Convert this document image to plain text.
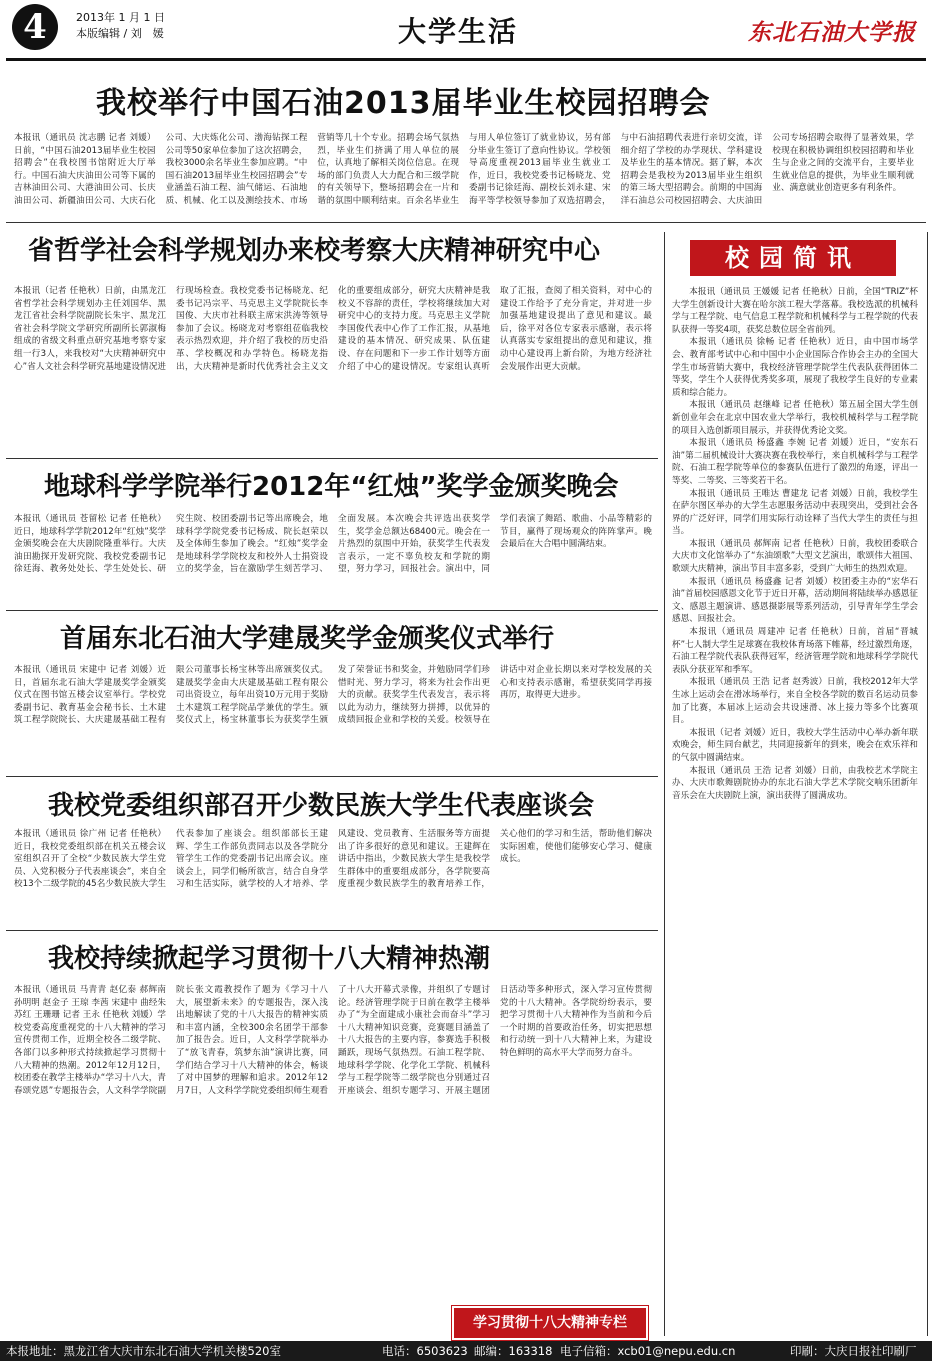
4	2013年 1 月 1 日
本版编辑 / 刘　媛	大学生活	东北石油大学报
我校举行中国石油2013届毕业生校园招聘会
本报讯（通讯员 沈志鹏 记者 刘媛）日前，“中国石油2013届毕业生校园招聘会”在我校图书馆附近大厅举行。中国石油大庆油田公司等下属的吉林油田公司、大港油田公司、长庆油田公司、新疆油田公司、大庆石化公司、大庆炼化公司、渤海钻探工程公司等50家单位参加了这次招聘会，我校3000余名毕业生参加应聘。“中国石油2013届毕业生校园招聘会”专业涵盖石油工程、油气储运、石油地质、机械、化工以及测绘技术、市场营销等几十个专业。招聘会场气氛热烈，毕业生们挤满了用人单位的展位，认真地了解相关岗位信息。在现场的部门负责人大力配合和三级学院的有关领导下，整场招聘会在一片和谐的氛围中顺利结束。百余名毕业生与用人单位签订了就业协议，另有部分毕业生签订了意向性协议。学校领导高度重视2013届毕业生就业工作，近日，我校党委书记杨晓龙、党委副书记徐廷海、副校长刘永建、宋海平等学校领导参加了双选招聘会，与中石油招聘代表进行亲切交流，详细介绍了学校的办学现状、学科建设及毕业生的基本情况。据了解，本次招聘会是我校为2013届毕业生组织的第三场大型招聘会。前期的中国海洋石油总公司校园招聘会、大庆油田公司专场招聘会取得了显著效果，学校现在积极协调组织校园招聘和毕业生与企业之间的交流平台，主要毕业生就业信息的提供，为毕业生顺利就业、满意就业创造更多有利条件。
省哲学社会科学规划办来校考察大庆精神研究中心
本报讯（记者 任艳秋）日前，由黑龙江省哲学社会科学规划办主任刘国华、黑龙江省社会科学院副院长朱宇、黑龙江省社会科学院文学研究所副所长郭淑梅组成的省级文科重点研究基地考察专家组一行3人，来我校对“大庆精神研究中心”省人文社会科学研究基地建设情况进行现场检查。我校党委书记杨晓龙、纪委书记冯宗平、马克思主义学院院长李国俊、大庆市社科联主席宋洪涛等领导参加了会议。杨晓龙对考察组莅临我校表示热烈欢迎，并介绍了我校的历史沿革、学校概况和办学特色。杨晓龙指出，大庆精神是新时代优秀社会主义文化的重要组成部分，研究大庆精神是我校义不容辞的责任，学校将继续加大对研究中心的支持力度。马克思主义学院李国俊代表中心作了工作汇报，从基地建设的基本情况、研究成果、队伍建设、存在问题和下一步工作计划等方面介绍了中心的建设情况。专家组认真听取了汇报，查阅了相关资料，对中心的建设工作给予了充分肯定，并对进一步加强基地建设提出了意见和建议。最后，徐平对各位专家表示感谢，表示将认真落实专家组提出的意见和建议，推动中心建设再上新台阶，为地方经济社会发展作出更大贡献。
地球科学学院举行2012年“红烛”奖学金颁奖晚会
本报讯（通讯员 苍留松 记者 任艳秋）近日，地球科学学院2012年“红烛”奖学金颁奖晚会在大庆剧院隆重举行。大庆油田勘探开发研究院、我校党委副书记徐廷海、教务处处长、学生处处长、研究生院、校团委副书记等出席晚会，地球科学学院党委书记杨成、院长赵荣以及全体师生参加了晚会。“红烛”奖学金是地球科学学院校友和校外人士捐资设立的奖学金，旨在激励学生刻苦学习、全面发展。本次晚会共评选出获奖学生，奖学金总额达68400元。晚会在一片热烈的氛围中开始，获奖学生代表发言表示，一定不辜负校友和学院的期望，努力学习，回报社会。演出中，同学们表演了舞蹈、歌曲、小品等精彩的节目，赢得了现场观众的阵阵掌声。晚会最后在大合唱中圆满结束。
首届东北石油大学建晟奖学金颁奖仪式举行
本报讯（通讯员 宋建中 记者 刘媛）近日，首届东北石油大学建晟奖学金颁奖仪式在图书馆五楼会议室举行。学校党委副书记、教育基金会秘书长、土木建筑工程学院院长、大庆建晟基础工程有限公司董事长杨宝林等出席颁奖仪式。建晟奖学金由大庆建晟基础工程有限公司出资设立，每年出资10万元用于奖励土木建筑工程学院品学兼优的学生。颁奖仪式上，杨宝林董事长为获奖学生颁发了荣誉证书和奖金，并勉励同学们珍惜时光、努力学习，将来为社会作出更大的贡献。获奖学生代表发言，表示将以此为动力，继续努力拼搏，以优异的成绩回报企业和学校的关爱。校领导在讲话中对企业长期以来对学校发展的关心和支持表示感谢，希望获奖同学再接再厉，取得更大进步。
我校党委组织部召开少数民族大学生代表座谈会
本报讯（通讯员 徐广州 记者 任艳秋）近日，我校党委组织部在机关五楼会议室组织召开了全校“少数民族大学生党员、入党积极分子代表座谈会”，来自全校13个二级学院的45名少数民族大学生代表参加了座谈会。组织部部长王建辉、学生工作部负责同志以及各学院分管学生工作的党委副书记出席会议。座谈会上，同学们畅所欲言，结合自身学习和生活实际，就学校的人才培养、学风建设、党员教育、生活服务等方面提出了许多很好的意见和建议。王建辉在讲话中指出，少数民族大学生是我校学生群体中的重要组成部分，各学院要高度重视少数民族学生的教育培养工作，关心他们的学习和生活，帮助他们解决实际困难，使他们能够安心学习、健康成长。
我校持续掀起学习贯彻十八大精神热潮
本报讯（通讯员 马青青 赵亿泰 郝辉南 孙明明 赵金子 王琼 李茜 宋建中 曲经朱 苏红 王珊珊 记者 王永 任艳秋 刘媛）学校党委高度重视党的十八大精神的学习宣传贯彻工作，近期全校各二级学院、各部门以多种形式持续掀起学习贯彻十八大精神的热潮。2012年12月12日，校团委在教学主楼举办“学习十八大，青春颂党恩”专题报告会，人文科学学院副院长张文霞教授作了题为《学习十八大，展望新未来》的专题报告，深入浅出地解读了党的十八大报告的精神实质和丰富内涵，全校300余名团学干部参加了报告会。近日，人文科学学院举办了“放飞青春，筑梦东油”演讲比赛，同学们结合学习十八大精神的体会，畅谈了对中国梦的理解和追求。2012年12月7日，人文科学学院党委组织师生观看了十八大开幕式录像，并组织了专题讨论。经济管理学院于日前在教学主楼举办了“为全面建成小康社会而奋斗”学习十八大精神知识竞赛，竞赛题目涵盖了十八大报告的主要内容，参赛选手积极踊跃，现场气氛热烈。石油工程学院、地球科学学院、化学化工学院、机械科学与工程学院等二级学院也分别通过召开座谈会、组织专题学习、开展主题团日活动等多种形式，深入学习宣传贯彻党的十八大精神。各学院纷纷表示，要把学习贯彻十八大精神作为当前和今后一个时期的首要政治任务，切实把思想和行动统一到十八大精神上来，为建设特色鲜明的高水平大学而努力奋斗。
校园简讯

本报讯（通讯员 王媛媛 记者 任艳秋）日前，全国“TRIZ”杯大学生创新设计大赛在哈尔滨工程大学落幕。我校选派的机械科学与工程学院、电气信息工程学院和机械科学与工程学院的代表队获得一等奖4项，获奖总数位居全省前列。

本报讯（通讯员 徐畅 记者 任艳秋）近日，由中国市场学会、教育部考试中心和中国中小企业国际合作协会主办的全国大学生市场营销大赛中，我校经济管理学院学生代表队获得团体二等奖，学生个人获得优秀奖多项，展现了我校学生良好的专业素质和综合能力。

本报讯（通讯员 赵继峰 记者 任艳秋）第五届全国大学生创新创业年会在北京中国农业大学举行，我校机械科学与工程学院的项目入选创新项目展示，并获得优秀论文奖。

本报讯（通讯员 杨盛鑫 李婉 记者 刘媛）近日，“安东石油”第二届机械设计大赛决赛在我校举行，来自机械科学与工程学院、石油工程学院等单位的参赛队伍进行了激烈的角逐，评出一等奖、二等奖、三等奖若干名。

本报讯（通讯员 王唯达 曹建龙 记者 刘媛）日前，我校学生在萨尔图区举办的大学生志愿服务活动中表现突出，受到社会各界的广泛好评，同学们用实际行动诠释了当代大学生的责任与担当。

本报讯（通讯员 郝辉南 记者 任艳秋）日前，我校团委联合大庆市文化馆举办了“东油颂歌”大型文艺演出，歌颂伟大祖国、歌颂大庆精神，演出节目丰富多彩，受到广大师生的热烈欢迎。

本报讯（通讯员 杨盛鑫 记者 刘媛）校团委主办的“宏华石油”首届校园感恩文化节于近日开幕，活动期间将陆续举办感恩征文、感恩主题演讲、感恩摄影展等系列活动，引导青年学生学会感恩、回报社会。

本报讯（通讯员 周建冲 记者 任艳秋）日前，首届“晋城杯”七人制大学生足球赛在我校体育场落下帷幕，经过激烈角逐，石油工程学院代表队获得冠军，经济管理学院和地球科学学院代表队分获亚军和季军。

本报讯（通讯员 王浩 记者 赵秀波）日前，我校2012年大学生冰上运动会在滑冰场举行，来自全校各学院的数百名运动员参加了比赛，本届冰上运动会共设速滑、冰上接力等多个比赛项目。

本报讯（记者 刘媛）近日，我校大学生活动中心举办新年联欢晚会，师生同台献艺，共同迎接新年的到来，晚会在欢乐祥和的气氛中圆满结束。

本报讯（通讯员 王浩 记者 刘媛）日前，由我校艺术学院主办、大庆市歌舞剧院协办的东北石油大学艺术学院交响乐团新年音乐会在大庆剧院上演，演出获得了圆满成功。

学习贯彻十八大精神专栏
本报地址：黑龙江省大庆市东北石油大学机关楼520室	电话：6503623 邮编：163318 电子信箱：xcb01@nepu.edu.cn	印刷：大庆日报社印刷厂
